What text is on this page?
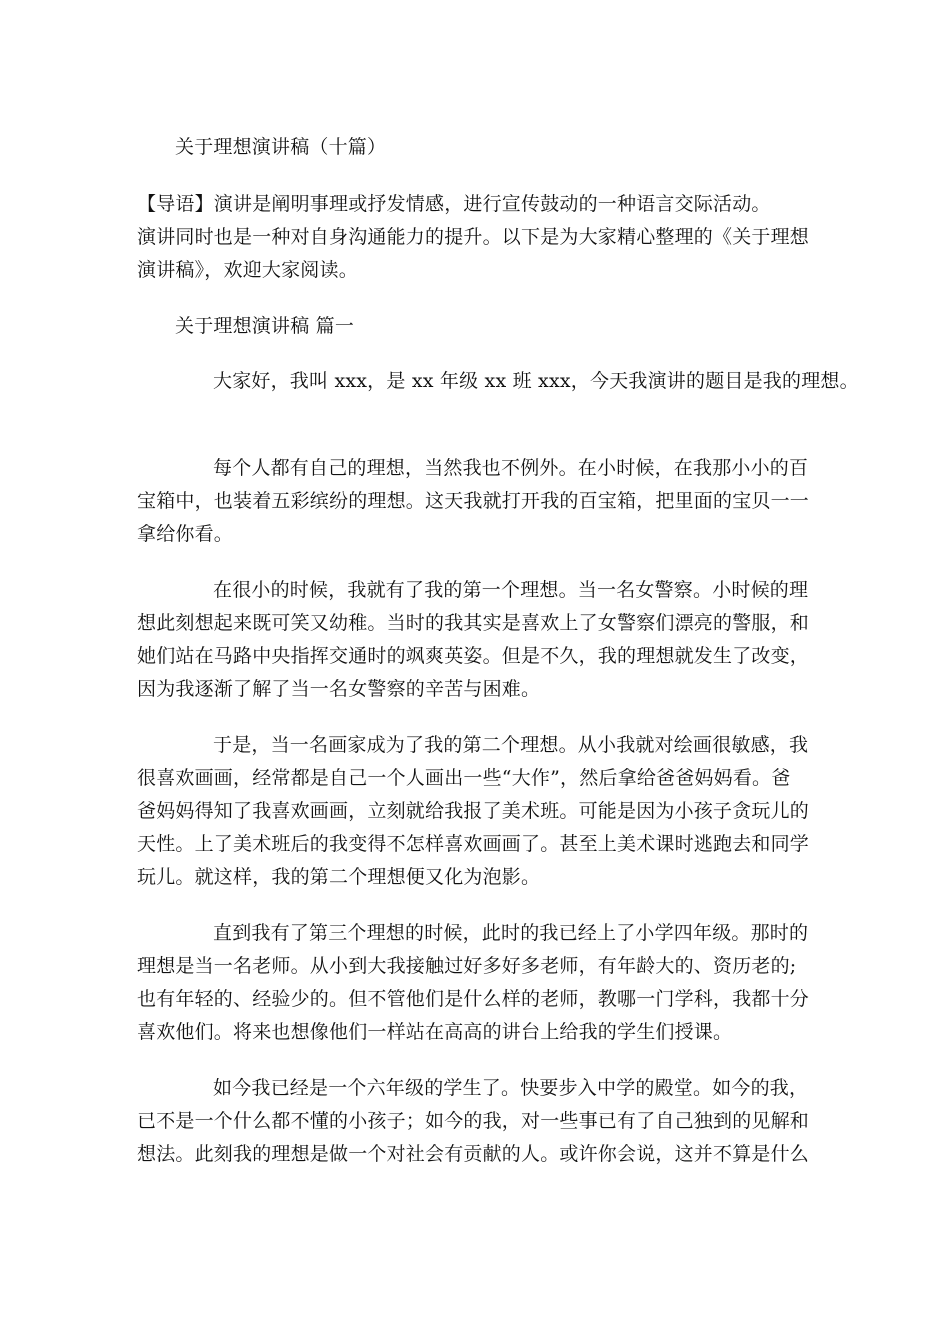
关于理想演讲稿（十篇）
【导语】演讲是阐明事理或抒发情感，进行宣传鼓动的一种语言交际活动。
演讲同时也是一种对自身沟通能力的提升。以下是为大家精心整理的《关于理想
演讲稿》，欢迎大家阅读。
关于理想演讲稿 篇一
大家好，我叫 xxx，是 xx 年级 xx 班 xxx，今天我演讲的题目是我的理想。
每个人都有自己的理想，当然我也不例外。在小时候，在我那小小的百
宝箱中，也装着五彩缤纷的理想。这天我就打开我的百宝箱，把里面的宝贝一一
拿给你看。
在很小的时候，我就有了我的第一个理想。当一名女警察。小时候的理
想此刻想起来既可笑又幼稚。当时的我其实是喜欢上了女警察们漂亮的警服，和
她们站在马路中央指挥交通时的飒爽英姿。但是不久，我的理想就发生了改变，
因为我逐渐了解了当一名女警察的辛苦与困难。
于是，当一名画家成为了我的第二个理想。从小我就对绘画很敏感，我
很喜欢画画，经常都是自己一个人画出一些“大作”，然后拿给爸爸妈妈看。爸
爸妈妈得知了我喜欢画画，立刻就给我报了美术班。可能是因为小孩子贪玩儿的
天性。上了美术班后的我变得不怎样喜欢画画了。甚至上美术课时逃跑去和同学
玩儿。就这样，我的第二个理想便又化为泡影。
直到我有了第三个理想的时候，此时的我已经上了小学四年级。那时的
理想是当一名老师。从小到大我接触过好多好多老师，有年龄大的、资历老的;
也有年轻的、经验少的。但不管他们是什么样的老师，教哪一门学科，我都十分
喜欢他们。将来也想像他们一样站在高高的讲台上给我的学生们授课。
如今我已经是一个六年级的学生了。快要步入中学的殿堂。如今的我，
已不是一个什么都不懂的小孩子；如今的我，对一些事已有了自己独到的见解和
想法。此刻我的理想是做一个对社会有贡献的人。或许你会说，这并不算是什么
